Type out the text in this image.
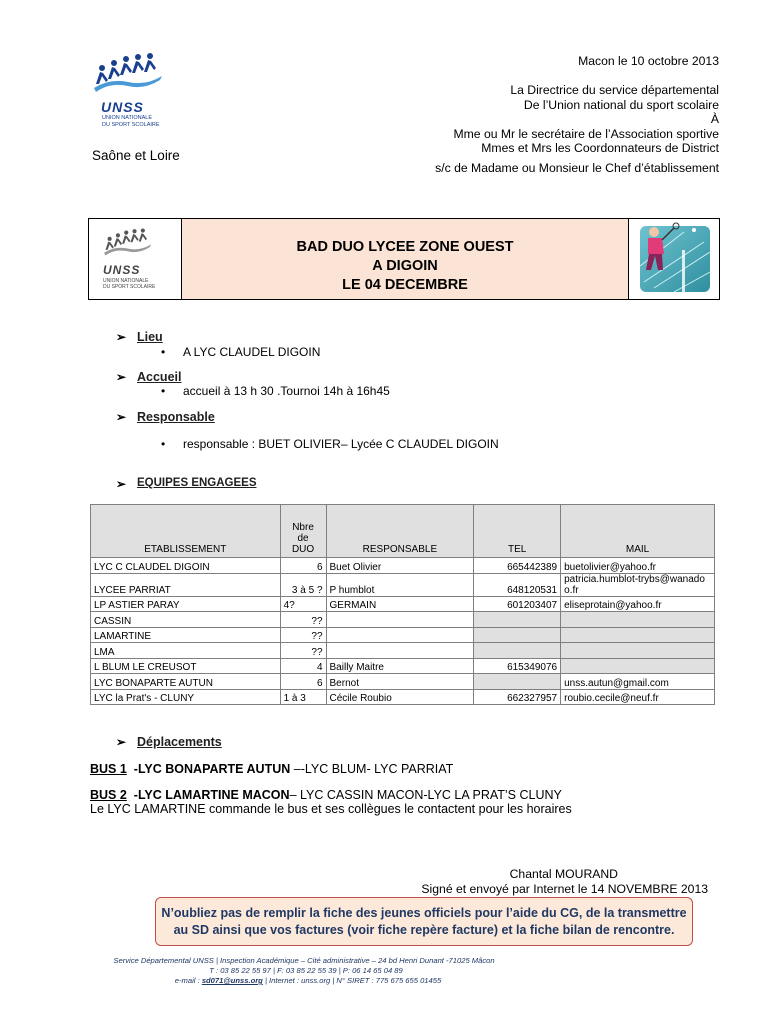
UNSS
UNION NATIONALE
DU SPORT SCOLAIRE
Saône et Loire
Macon le 10 octobre 2013
La Directrice du service départemental
De l’Union national du sport scolaire
À
Mme ou Mr le secrétaire de l’Association sportive
Mmes et Mrs les Coordonnateurs de District
s/c de Madame ou Monsieur le Chef d’établissement
UNSS
UNION NATIONALE
DU SPORT SCOLAIRE
BAD DUO LYCEE ZONE OUEST
A DIGOIN
LE 04 DECEMBRE
➢ Lieu
• A LYC CLAUDEL DIGOIN
➢ Accueil
• accueil à 13 h 30 .Tournoi 14h à 16h45
➢ Responsable
• responsable : BUET OLIVIER– Lycée C CLAUDEL DIGOIN
➢ EQUIPES ENGAGEES
ETABLISSEMENT	Nbre
de
DUO	RESPONSABLE	TEL	MAIL
LYC C CLAUDEL DIGOIN	6	Buet Olivier	665442389	buetolivier@yahoo.fr
LYCEE PARRIAT	3 à 5 ?	P humblot	648120531	patricia.humblot-trybs@wanadoo.fr
LP ASTIER PARAY	4?	GERMAIN	601203407	eliseprotain@yahoo.fr
CASSIN	??			
LAMARTINE	??			
LMA	??			
L BLUM LE CREUSOT	4	Bailly Maitre	615349076	
LYC BONAPARTE AUTUN	6	Bernot		unss.autun@gmail.com
LYC la Prat's - CLUNY	1 à 3	Cécile Roubio	662327957	roubio.cecile@neuf.fr
➢ Déplacements
BUS 1 -LYC BONAPARTE AUTUN –-LYC BLUM- LYC PARRIAT
BUS 2 -LYC LAMARTINE MACON– LYC CASSIN MACON-LYC LA PRAT’S CLUNY
Le LYC LAMARTINE commande le bus et ses collègues le contactent pour les horaires
Chantal MOURAND
Signé et envoyé par Internet le 14 NOVEMBRE 2013
N’oubliez pas de remplir la fiche des jeunes officiels pour l’aide du CG, de la transmettre
au SD ainsi que vos factures (voir fiche repère facture) et la fiche bilan de rencontre.
Service Départemental UNSS | Inspection Académique – Cité administrative – 24 bd Henri Dunant -71025 Mâcon
T : 03 85 22 55 97 | F: 03 85 22 55 39 | P: 06 14 65 04 89
e-mail : sd071@unss.org | Internet : unss.org | N° SIRET : 775 675 655 01455
